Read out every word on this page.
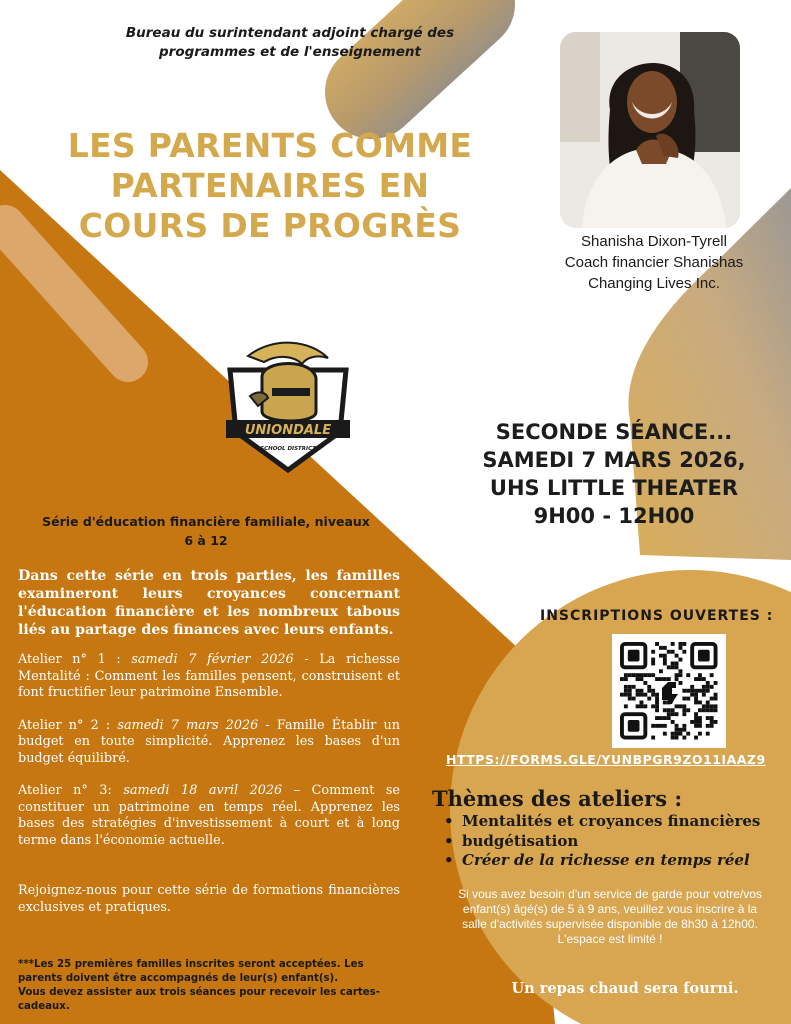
Bureau du surintendant adjoint chargé des programmes et de l'enseignement
LES PARENTS COMME PARTENAIRES EN COURS DE PROGRÈS	Shanisha Dixon-Tyrell
Coach financier Shanishas
Changing Lives Inc.
UNIONDALE
SCHOOL DISTRICT
SECONDE SÉANCE...
SAMEDI 7 MARS 2026,
UHS LITTLE THEATER
9H00 - 12H00
Série d'éducation financière familiale, niveaux 6 à 12
Dans cette série en trois parties, les familles examineront leurs croyances concernant l'éducation financière et les nombreux tabous liés au partage des finances avec leurs enfants.

Atelier n° 1 : samedi 7 février 2026 - La richesse Mentalité : Comment les familles pensent, construisent et font fructifier leur patrimoine Ensemble.

Atelier n° 2 : samedi 7 mars 2026 - Famille Établir un budget en toute simplicité. Apprenez les bases d'un budget équilibré.

Atelier n° 3: samedi 18 avril 2026 – Comment se constituer un patrimoine en temps réel. Apprenez les bases des stratégies d'investissement à court et à long terme dans l'économie actuelle.

Rejoignez-nous pour cette série de formations financières exclusives et pratiques.
***Les 25 premières familles inscrites seront acceptées. Les parents doivent être accompagnés de leur(s) enfant(s).
Vous devez assister aux trois séances pour recevoir les cartes-cadeaux.
INSCRIPTIONS OUVERTES :
HTTPS://FORMS.GLE/YUNBPGR9ZO11IAAZ9
Thèmes des ateliers :
• Mentalités et croyances financières
• budgétisation
• Créer de la richesse en temps réel
Si vous avez besoin d'un service de garde pour votre/vos enfant(s) âgé(s) de 5 à 9 ans, veuillez vous inscrire à la salle d'activités supervisée disponible de 8h30 à 12h00.
L'espace est limité !
Un repas chaud sera fourni.
